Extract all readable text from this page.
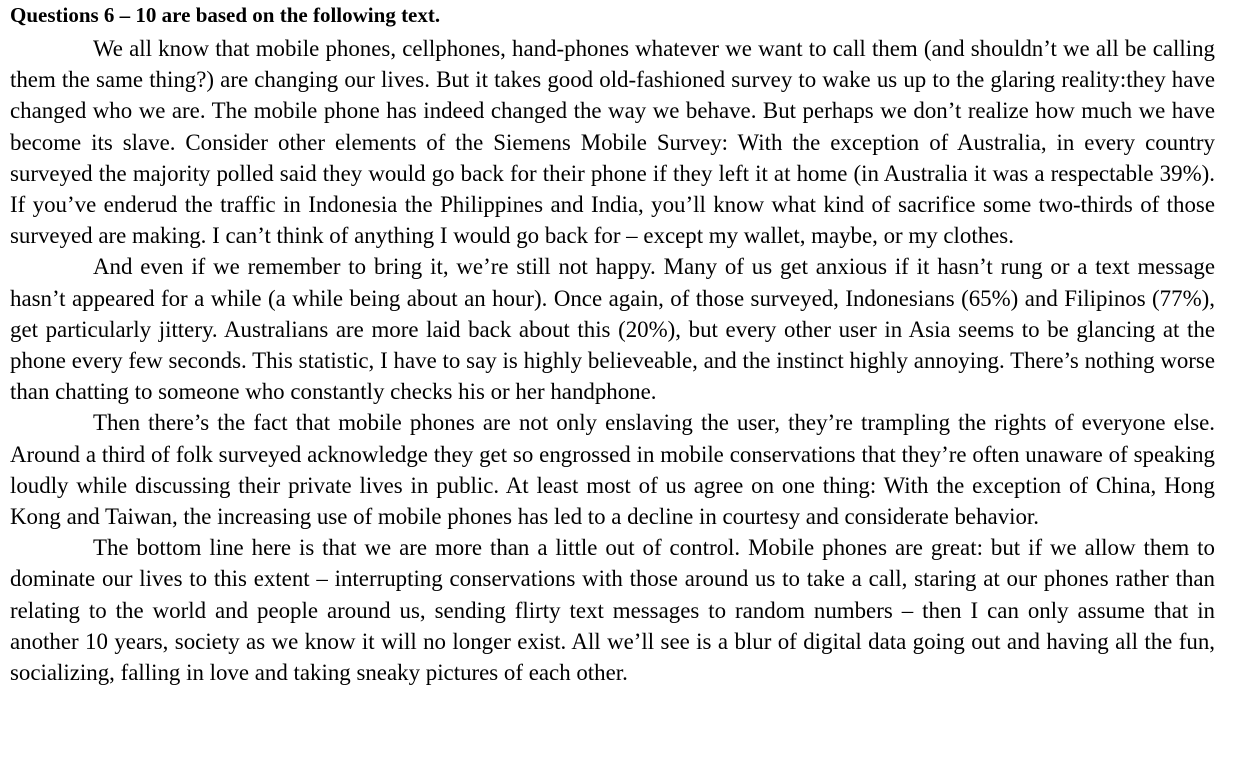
Questions 6 – 10 are based on the following text.

We all know that mobile phones, cellphones, hand-phones whatever we want to call them (and shouldn’t we all be calling them the same thing?) are changing our lives. But it takes good old-fashioned survey to wake us up to the glaring reality:they have changed who we are. The mobile phone has indeed changed the way we behave. But perhaps we don’t realize how much we have become its slave. Consider other elements of the Siemens Mobile Survey: With the exception of Australia, in every country surveyed the majority polled said they would go back for their phone if they left it at home (in Australia it was a respectable 39%). If you’ve enderud the traffic in Indonesia the Philippines and India, you’ll know what kind of sacrifice some two-thirds of those surveyed are making. I can’t think of anything I would go back for – except my wallet, maybe, or my clothes.

And even if we remember to bring it, we’re still not happy. Many of us get anxious if it hasn’t rung or a text message hasn’t appeared for a while (a while being about an hour). Once again, of those surveyed, Indonesians (65%) and Filipinos (77%), get particularly jittery. Australians are more laid back about this (20%), but every other user in Asia seems to be glancing at the phone every few seconds. This statistic, I have to say is highly believeable, and the instinct highly annoying. There’s nothing worse than chatting to someone who constantly checks his or her handphone.

Then there’s the fact that mobile phones are not only enslaving the user, they’re trampling the rights of everyone else. Around a third of folk surveyed acknowledge they get so engrossed in mobile conservations that they’re often unaware of speaking loudly while discussing their private lives in public. At least most of us agree on one thing: With the exception of China, Hong Kong and Taiwan, the increasing use of mobile phones has led to a decline in courtesy and considerate behavior.

The bottom line here is that we are more than a little out of control. Mobile phones are great: but if we allow them to dominate our lives to this extent – interrupting conservations with those around us to take a call, staring at our phones rather than relating to the world and people around us, sending flirty text messages to random numbers – then I can only assume that in another 10 years, society as we know it will no longer exist. All we’ll see is a blur of digital data going out and having all the fun, socializing, falling in love and taking sneaky pictures of each other.
